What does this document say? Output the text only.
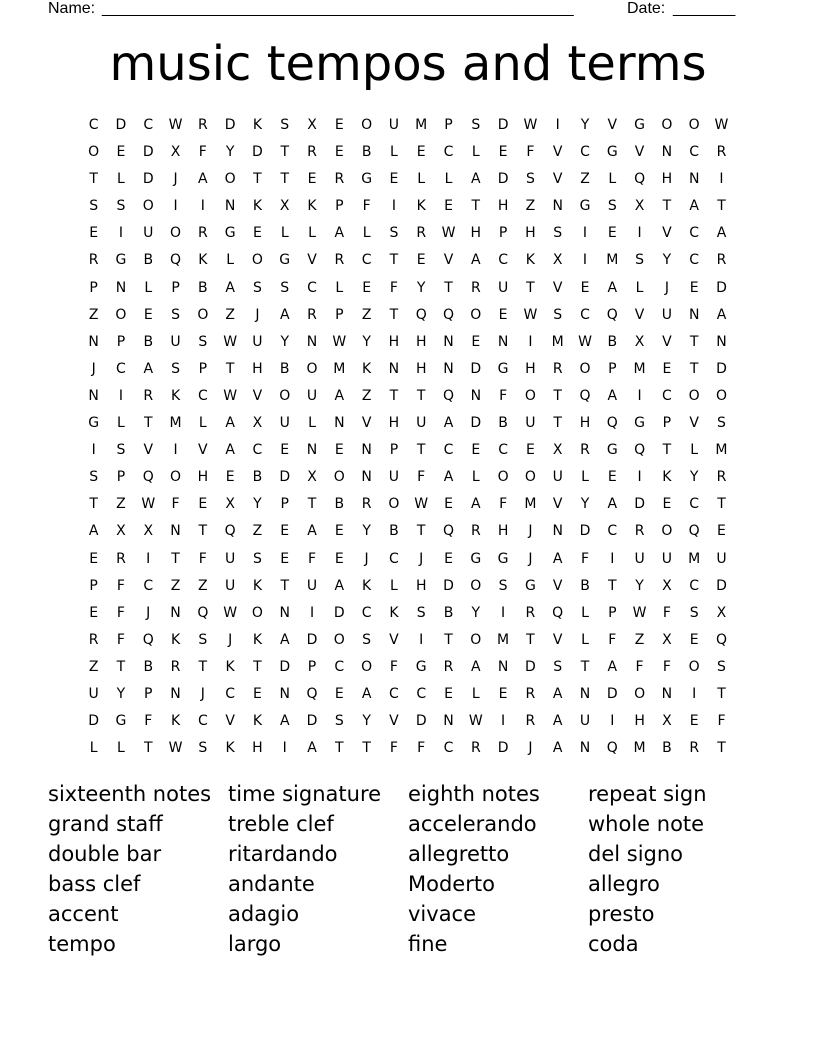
Name: _____________________________________________________	Date: _______
music tempos and terms
C	D	C	W	R	D	K	S	X	E	O	U	M	P	S	D	W	I	Y	V	G	O	O	W
O	E	D	X	F	Y	D	T	R	E	B	L	E	C	L	E	F	V	C	G	V	N	C	R
T	L	D	J	A	O	T	T	E	R	G	E	L	L	A	D	S	V	Z	L	Q	H	N	I
S	S	O	I	I	N	K	X	K	P	F	I	K	E	T	H	Z	N	G	S	X	T	A	T
E	I	U	O	R	G	E	L	L	A	L	S	R	W	H	P	H	S	I	E	I	V	C	A
R	G	B	Q	K	L	O	G	V	R	C	T	E	V	A	C	K	X	I	M	S	Y	C	R
P	N	L	P	B	A	S	S	C	L	E	F	Y	T	R	U	T	V	E	A	L	J	E	D
Z	O	E	S	O	Z	J	A	R	P	Z	T	Q	Q	O	E	W	S	C	Q	V	U	N	A
N	P	B	U	S	W	U	Y	N	W	Y	H	H	N	E	N	I	M	W	B	X	V	T	N
J	C	A	S	P	T	H	B	O	M	K	N	H	N	D	G	H	R	O	P	M	E	T	D
N	I	R	K	C	W	V	O	U	A	Z	T	T	Q	N	F	O	T	Q	A	I	C	O	O
G	L	T	M	L	A	X	U	L	N	V	H	U	A	D	B	U	T	H	Q	G	P	V	S
I	S	V	I	V	A	C	E	N	E	N	P	T	C	E	C	E	X	R	G	Q	T	L	M
S	P	Q	O	H	E	B	D	X	O	N	U	F	A	L	O	O	U	L	E	I	K	Y	R
T	Z	W	F	E	X	Y	P	T	B	R	O	W	E	A	F	M	V	Y	A	D	E	C	T
A	X	X	N	T	Q	Z	E	A	E	Y	B	T	Q	R	H	J	N	D	C	R	O	Q	E
E	R	I	T	F	U	S	E	F	E	J	C	J	E	G	G	J	A	F	I	U	U	M	U
P	F	C	Z	Z	U	K	T	U	A	K	L	H	D	O	S	G	V	B	T	Y	X	C	D
E	F	J	N	Q	W	O	N	I	D	C	K	S	B	Y	I	R	Q	L	P	W	F	S	X
R	F	Q	K	S	J	K	A	D	O	S	V	I	T	O	M	T	V	L	F	Z	X	E	Q
Z	T	B	R	T	K	T	D	P	C	O	F	G	R	A	N	D	S	T	A	F	F	O	S
U	Y	P	N	J	C	E	N	Q	E	A	C	C	E	L	E	R	A	N	D	O	N	I	T
D	G	F	K	C	V	K	A	D	S	Y	V	D	N	W	I	R	A	U	I	H	X	E	F
L	L	T	W	S	K	H	I	A	T	T	F	F	C	R	D	J	A	N	Q	M	B	R	T
sixteenth notes
grand staff
double bar
bass clef
accent
tempo
time signature
treble clef
ritardando
andante
adagio
largo
eighth notes
accelerando
allegretto
Moderto
vivace
fine
repeat sign
whole note
del signo
allegro
presto
coda
